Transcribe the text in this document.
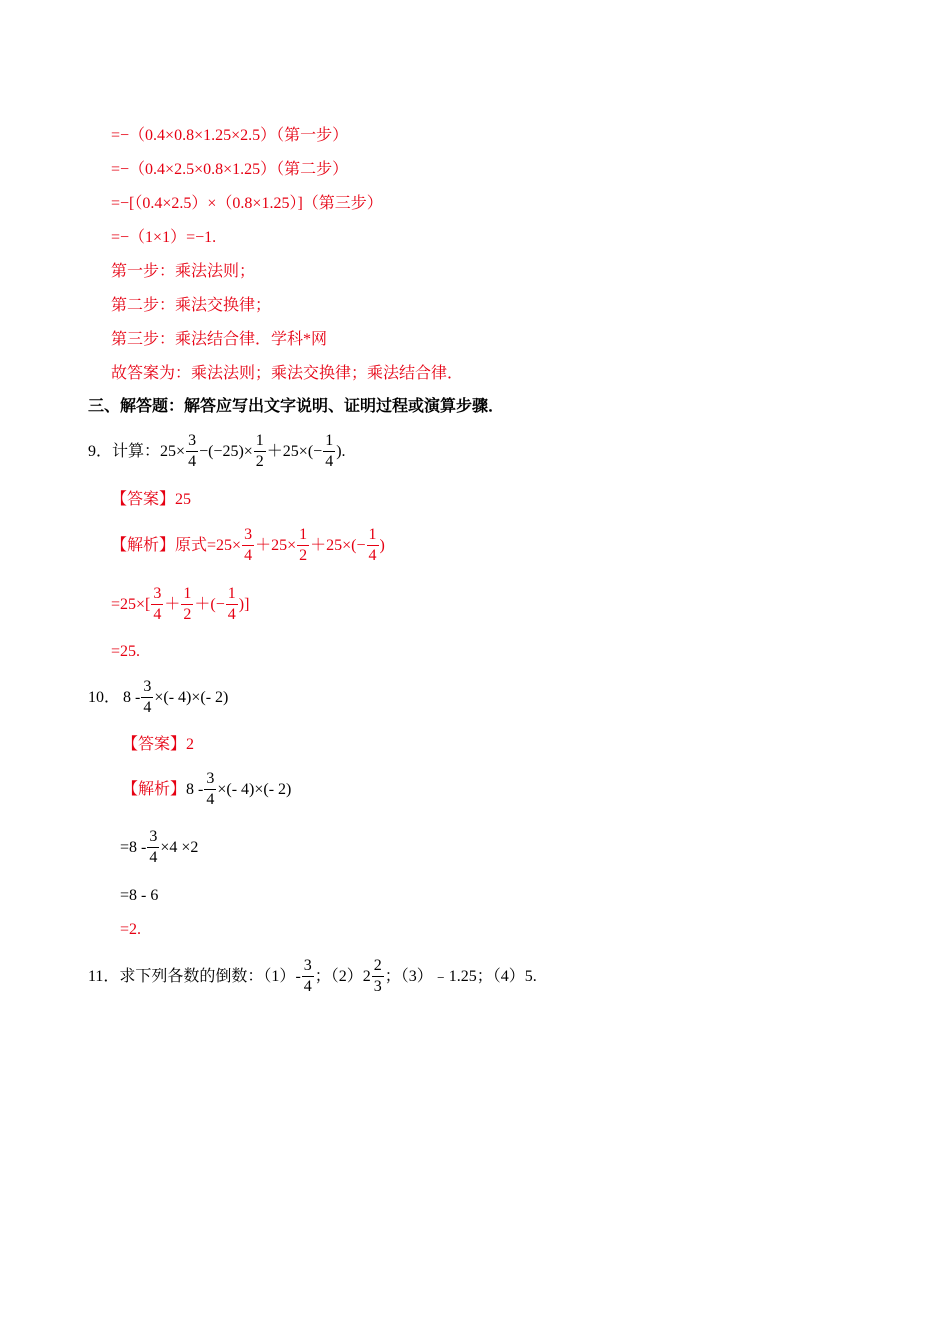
=−（0.4×0.8×1.25×2.5）（第一步）
=−（0.4×2.5×0.8×1.25）（第二步）
=−[（0.4×2.5）×（0.8×1.25）]（第三步）
=−（1×1）=−1.
第一步：乘法法则；
第二步：乘法交换律；
第三步：乘法结合律．学科*网
故答案为：乘法法则；乘法交换律；乘法结合律．
三、解答题：解答应写出文字说明、证明过程或演算步骤．
9． 计算： $25\times \frac{3}{4} -(-25)\times \frac{1}{2} +25\times(- \frac{1}{4}$ ).
【答案】 25
【解析】 原式$=25\times \frac{3}{4} +25\times \frac{1}{2} +25\times(- \frac{1}{4}$ )
$=25\times[ \frac{3}{4} + \frac{1}{2}$ ＋(− $\frac{1}{4}$ )]
=25.
10． $8 - \frac{3}{4}$ ×(- 4)×(- 2)
【答案】 2
【解析】 $8 - \frac{3}{4}$ ×(- 4)×(- 2)
$=8 - \frac{3}{4} \times 4 \times 2$
=8 - 6
=2.
11． 求下列各数的倒数：$(1) - \frac{3}{4}$ ；（2） $2 \frac{2}{3}$ ；（3）﹣1.25；（4）5.
